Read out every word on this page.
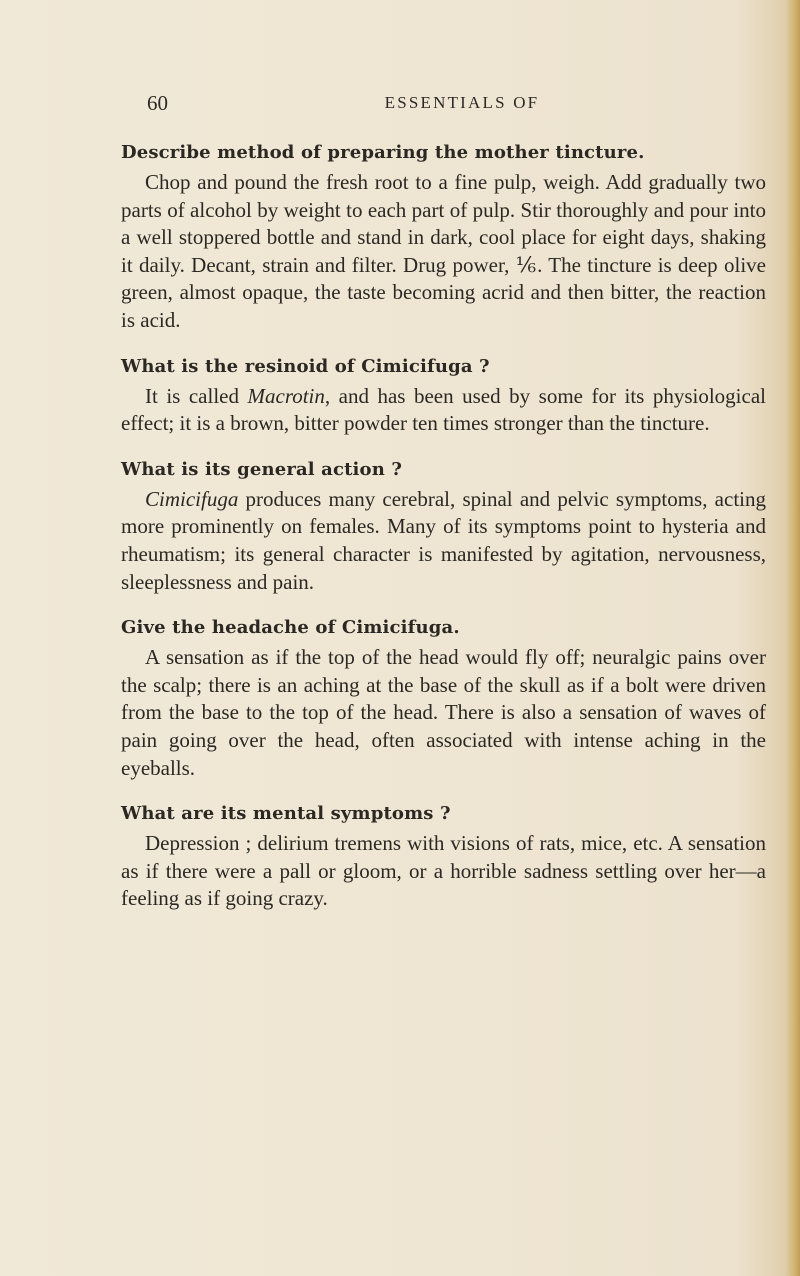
60	ESSENTIALS OF
Describe method of preparing the mother tincture.

Chop and pound the fresh root to a fine pulp, weigh. Add gradually two parts of alcohol by weight to each part of pulp. Stir thoroughly and pour into a well stoppered bottle and stand in dark, cool place for eight days, shaking it daily. Decant, strain and filter. Drug power, ⅙. The tincture is deep olive green, almost opaque, the taste becoming acrid and then bitter, the reaction is acid.

What is the resinoid of Cimicifuga ?

It is called Macrotin, and has been used by some for its physiological effect; it is a brown, bitter powder ten times stronger than the tincture.

What is its general action ?

Cimicifuga produces many cerebral, spinal and pelvic symptoms, acting more prominently on females. Many of its symptoms point to hysteria and rheumatism; its general character is manifested by agitation, nervousness, sleeplessness and pain.

Give the headache of Cimicifuga.

A sensation as if the top of the head would fly off; neuralgic pains over the scalp; there is an aching at the base of the skull as if a bolt were driven from the base to the top of the head. There is also a sensation of waves of pain going over the head, often associated with intense aching in the eyeballs.

What are its mental symptoms ?

Depression ; delirium tremens with visions of rats, mice, etc. A sensation as if there were a pall or gloom, or a horrible sadness settling over her—a feeling as if going crazy.
